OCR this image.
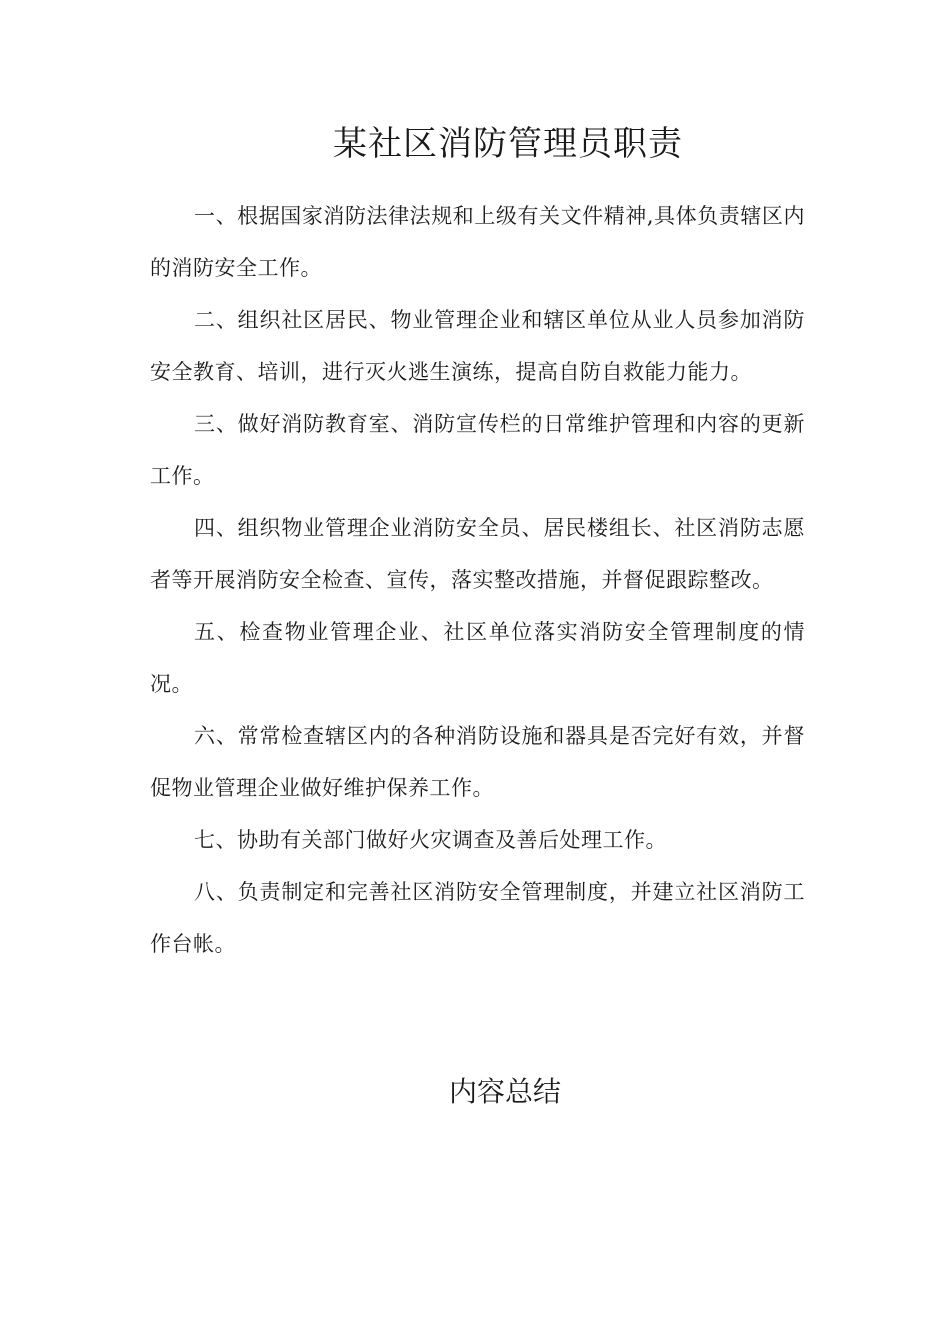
某社区消防管理员职责

一、根据国家消防法律法规和上级有关文件精神,具体负责辖区内的消防安全工作。

二、组织社区居民、物业管理企业和辖区单位从业人员参加消防安全教育、培训，进行灭火逃生演练，提高自防自救能力能力。

三、做好消防教育室、消防宣传栏的日常维护管理和内容的更新工作。

四、组织物业管理企业消防安全员、居民楼组长、社区消防志愿者等开展消防安全检查、宣传，落实整改措施，并督促跟踪整改。

五、检查物业管理企业、社区单位落实消防安全管理制度的情况。

六、常常检查辖区内的各种消防设施和器具是否完好有效，并督促物业管理企业做好维护保养工作。

七、协助有关部门做好火灾调查及善后处理工作。

八、负责制定和完善社区消防安全管理制度，并建立社区消防工作台帐。

内容总结
